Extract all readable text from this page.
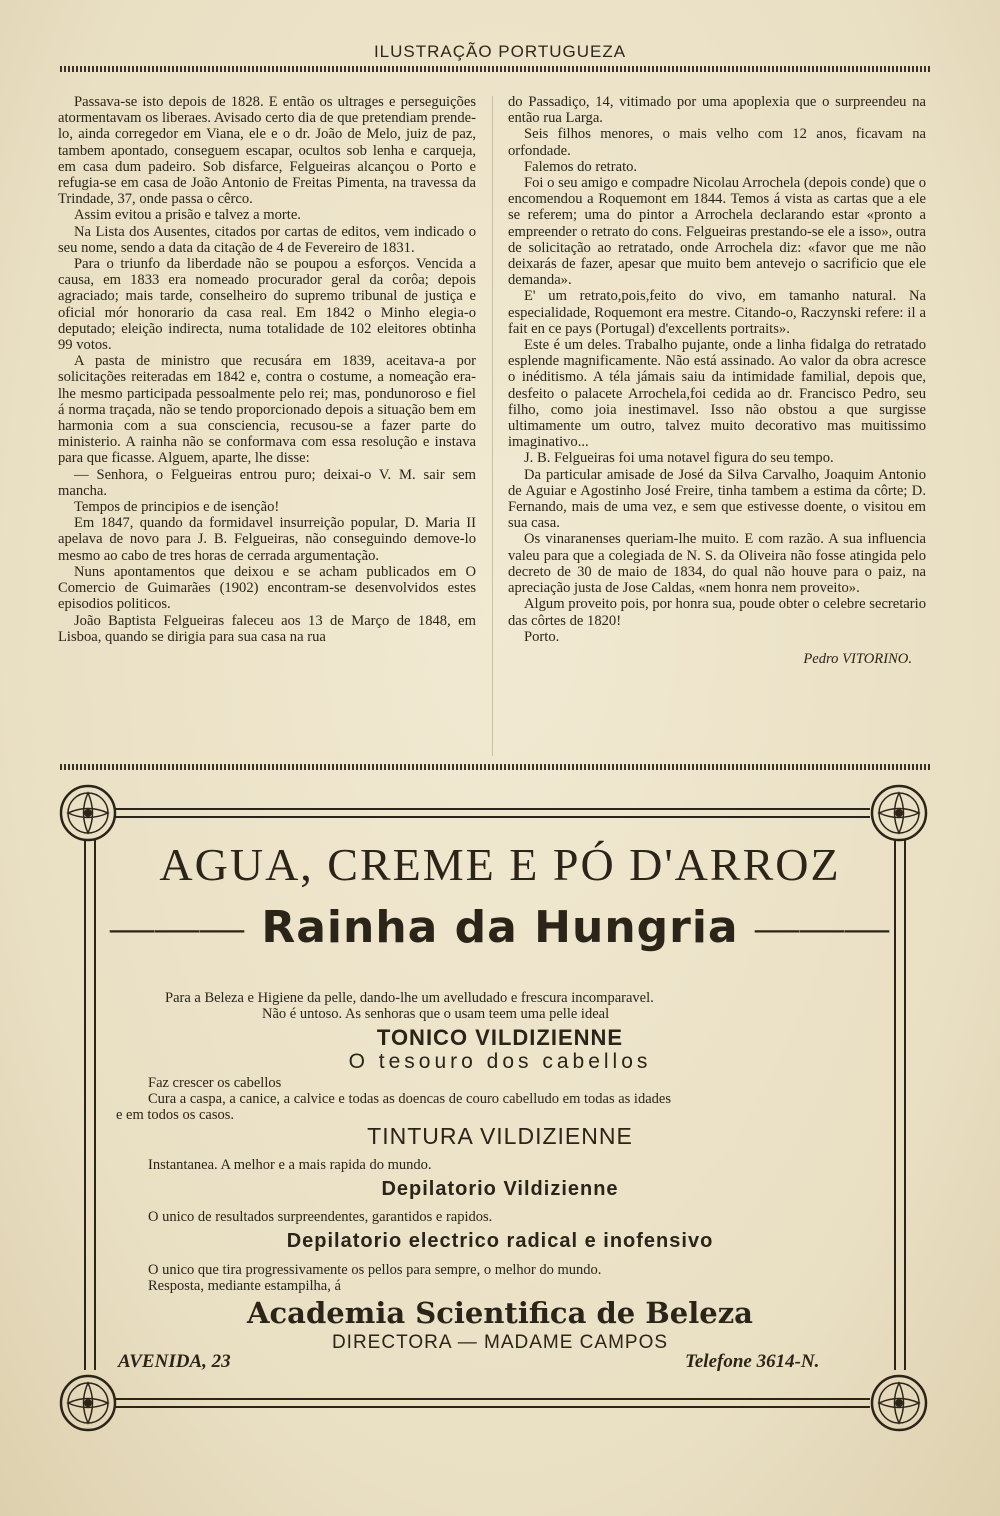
ILUSTRAÇÃO PORTUGUEZA

Passava-se isto depois de 1828. E então os ultrages e perseguições atormentavam os liberaes. Avisado certo dia de que pretendiam prende-lo, ainda corregedor em Viana, ele e o dr. João de Melo, juiz de paz, tambem apontado, conseguem escapar, ocultos sob lenha e carqueja, em casa dum padeiro. Sob disfarce, Felgueiras alcançou o Porto e refugia-se em casa de João Antonio de Freitas Pimenta, na travessa da Trindade, 37, onde passa o cêrco.

Assim evitou a prisão e talvez a morte.

Na Lista dos Ausentes, citados por cartas de editos, vem indicado o seu nome, sendo a data da citação de 4 de Fevereiro de 1831.

Para o triunfo da liberdade não se poupou a esforços. Vencida a causa, em 1833 era nomeado procurador geral da corôa; depois agraciado; mais tarde, conselheiro do supremo tribunal de justiça e oficial mór honorario da casa real. Em 1842 o Minho elegia-o deputado; eleição indirecta, numa totalidade de 102 eleitores obtinha 99 votos.

A pasta de ministro que recusára em 1839, aceitava-a por solicitações reiteradas em 1842 e, contra o costume, a nomeação era-lhe mesmo participada pessoalmente pelo rei; mas, pondunoroso e fiel á norma traçada, não se tendo proporcionado depois a situação bem em harmonia com a sua consciencia, recusou-se a fazer parte do ministerio. A rainha não se conformava com essa resolução e instava para que ficasse. Alguem, aparte, lhe disse:

— Senhora, o Felgueiras entrou puro; deixai-o V. M. sair sem mancha.

Tempos de principios e de isenção!

Em 1847, quando da formidavel insurreição popular, D. Maria II apelava de novo para J. B. Felgueiras, não conseguindo demove-lo mesmo ao cabo de tres horas de cerrada argumentação.

Nuns apontamentos que deixou e se acham publicados em O Comercio de Guimarães (1902) encontram-se desenvolvidos estes episodios politicos.

João Baptista Felgueiras faleceu aos 13 de Março de 1848, em Lisboa, quando se dirigia para sua casa na rua

do Passadiço, 14, vitimado por uma apoplexia que o surpreendeu na então rua Larga.

Seis filhos menores, o mais velho com 12 anos, ficavam na orfondade.

Falemos do retrato.

Foi o seu amigo e compadre Nicolau Arrochela (depois conde) que o encomendou a Roquemont em 1844. Temos á vista as cartas que a ele se referem; uma do pintor a Arrochela declarando estar «pronto a empreender o retrato do cons. Felgueiras prestando-se ele a isso», outra de solicitação ao retratado, onde Arrochela diz: «favor que me não deixarás de fazer, apesar que muito bem antevejo o sacrificio que ele demanda».

E' um retrato,pois,feito do vivo, em tamanho natural. Na especialidade, Roquemont era mestre. Citando-o, Raczynski refere: il a fait en ce pays (Portugal) d'excellents portraits».

Este é um deles. Trabalho pujante, onde a linha fidalga do retratado esplende magnificamente. Não está assinado. Ao valor da obra acresce o inéditismo. A téla jámais saiu da intimidade familial, depois que, desfeito o palacete Arrochela,foi cedida ao dr. Francisco Pedro, seu filho, como joia inestimavel. Isso não obstou a que surgisse ultimamente um outro, talvez muito decorativo mas muitissimo imaginativo...

J. B. Felgueiras foi uma notavel figura do seu tempo.

Da particular amisade de José da Silva Carvalho, Joaquim Antonio de Aguiar e Agostinho José Freire, tinha tambem a estima da côrte; D. Fernando, mais de uma vez, e sem que estivesse doente, o visitou em sua casa.

Os vinaranenses queriam-lhe muito. E com razão. A sua influencia valeu para que a colegiada de N. S. da Oliveira não fosse atingida pelo decreto de 30 de maio de 1834, do qual não houve para o paiz, na apreciação justa de Jose Caldas, «nem honra nem proveito».

Algum proveito pois, por honra sua, poude obter o celebre secretario das côrtes de 1820!

Porto.

Pedro VITORINO.

AGUA, CREME E PÓ D'ARROZ
——— Rainha da Hungria ———
Para a Beleza e Higiene da pelle, dando-lhe um avelludado e frescura incomparavel.
Não é untoso. As senhoras que o usam teem uma pelle ideal
TONICO VILDIZIENNE
O tesouro dos cabellos
Faz crescer os cabellos
Cura a caspa, a canice, a calvice e todas as doencas de couro cabelludo em todas as idades
e em todos os casos.
TINTURA VILDIZIENNE
Instantanea. A melhor e a mais rapida do mundo.
Depilatorio Vildizienne
O unico de resultados surpreendentes, garantidos e rapidos.
Depilatorio electrico radical e inofensivo
O unico que tira progressivamente os pellos para sempre, o melhor do mundo.
Resposta, mediante estampilha, á
Academia Scientifica de Beleza
DIRECTORA — MADAME CAMPOS
AVENIDA, 23	Telefone 3614-N.
